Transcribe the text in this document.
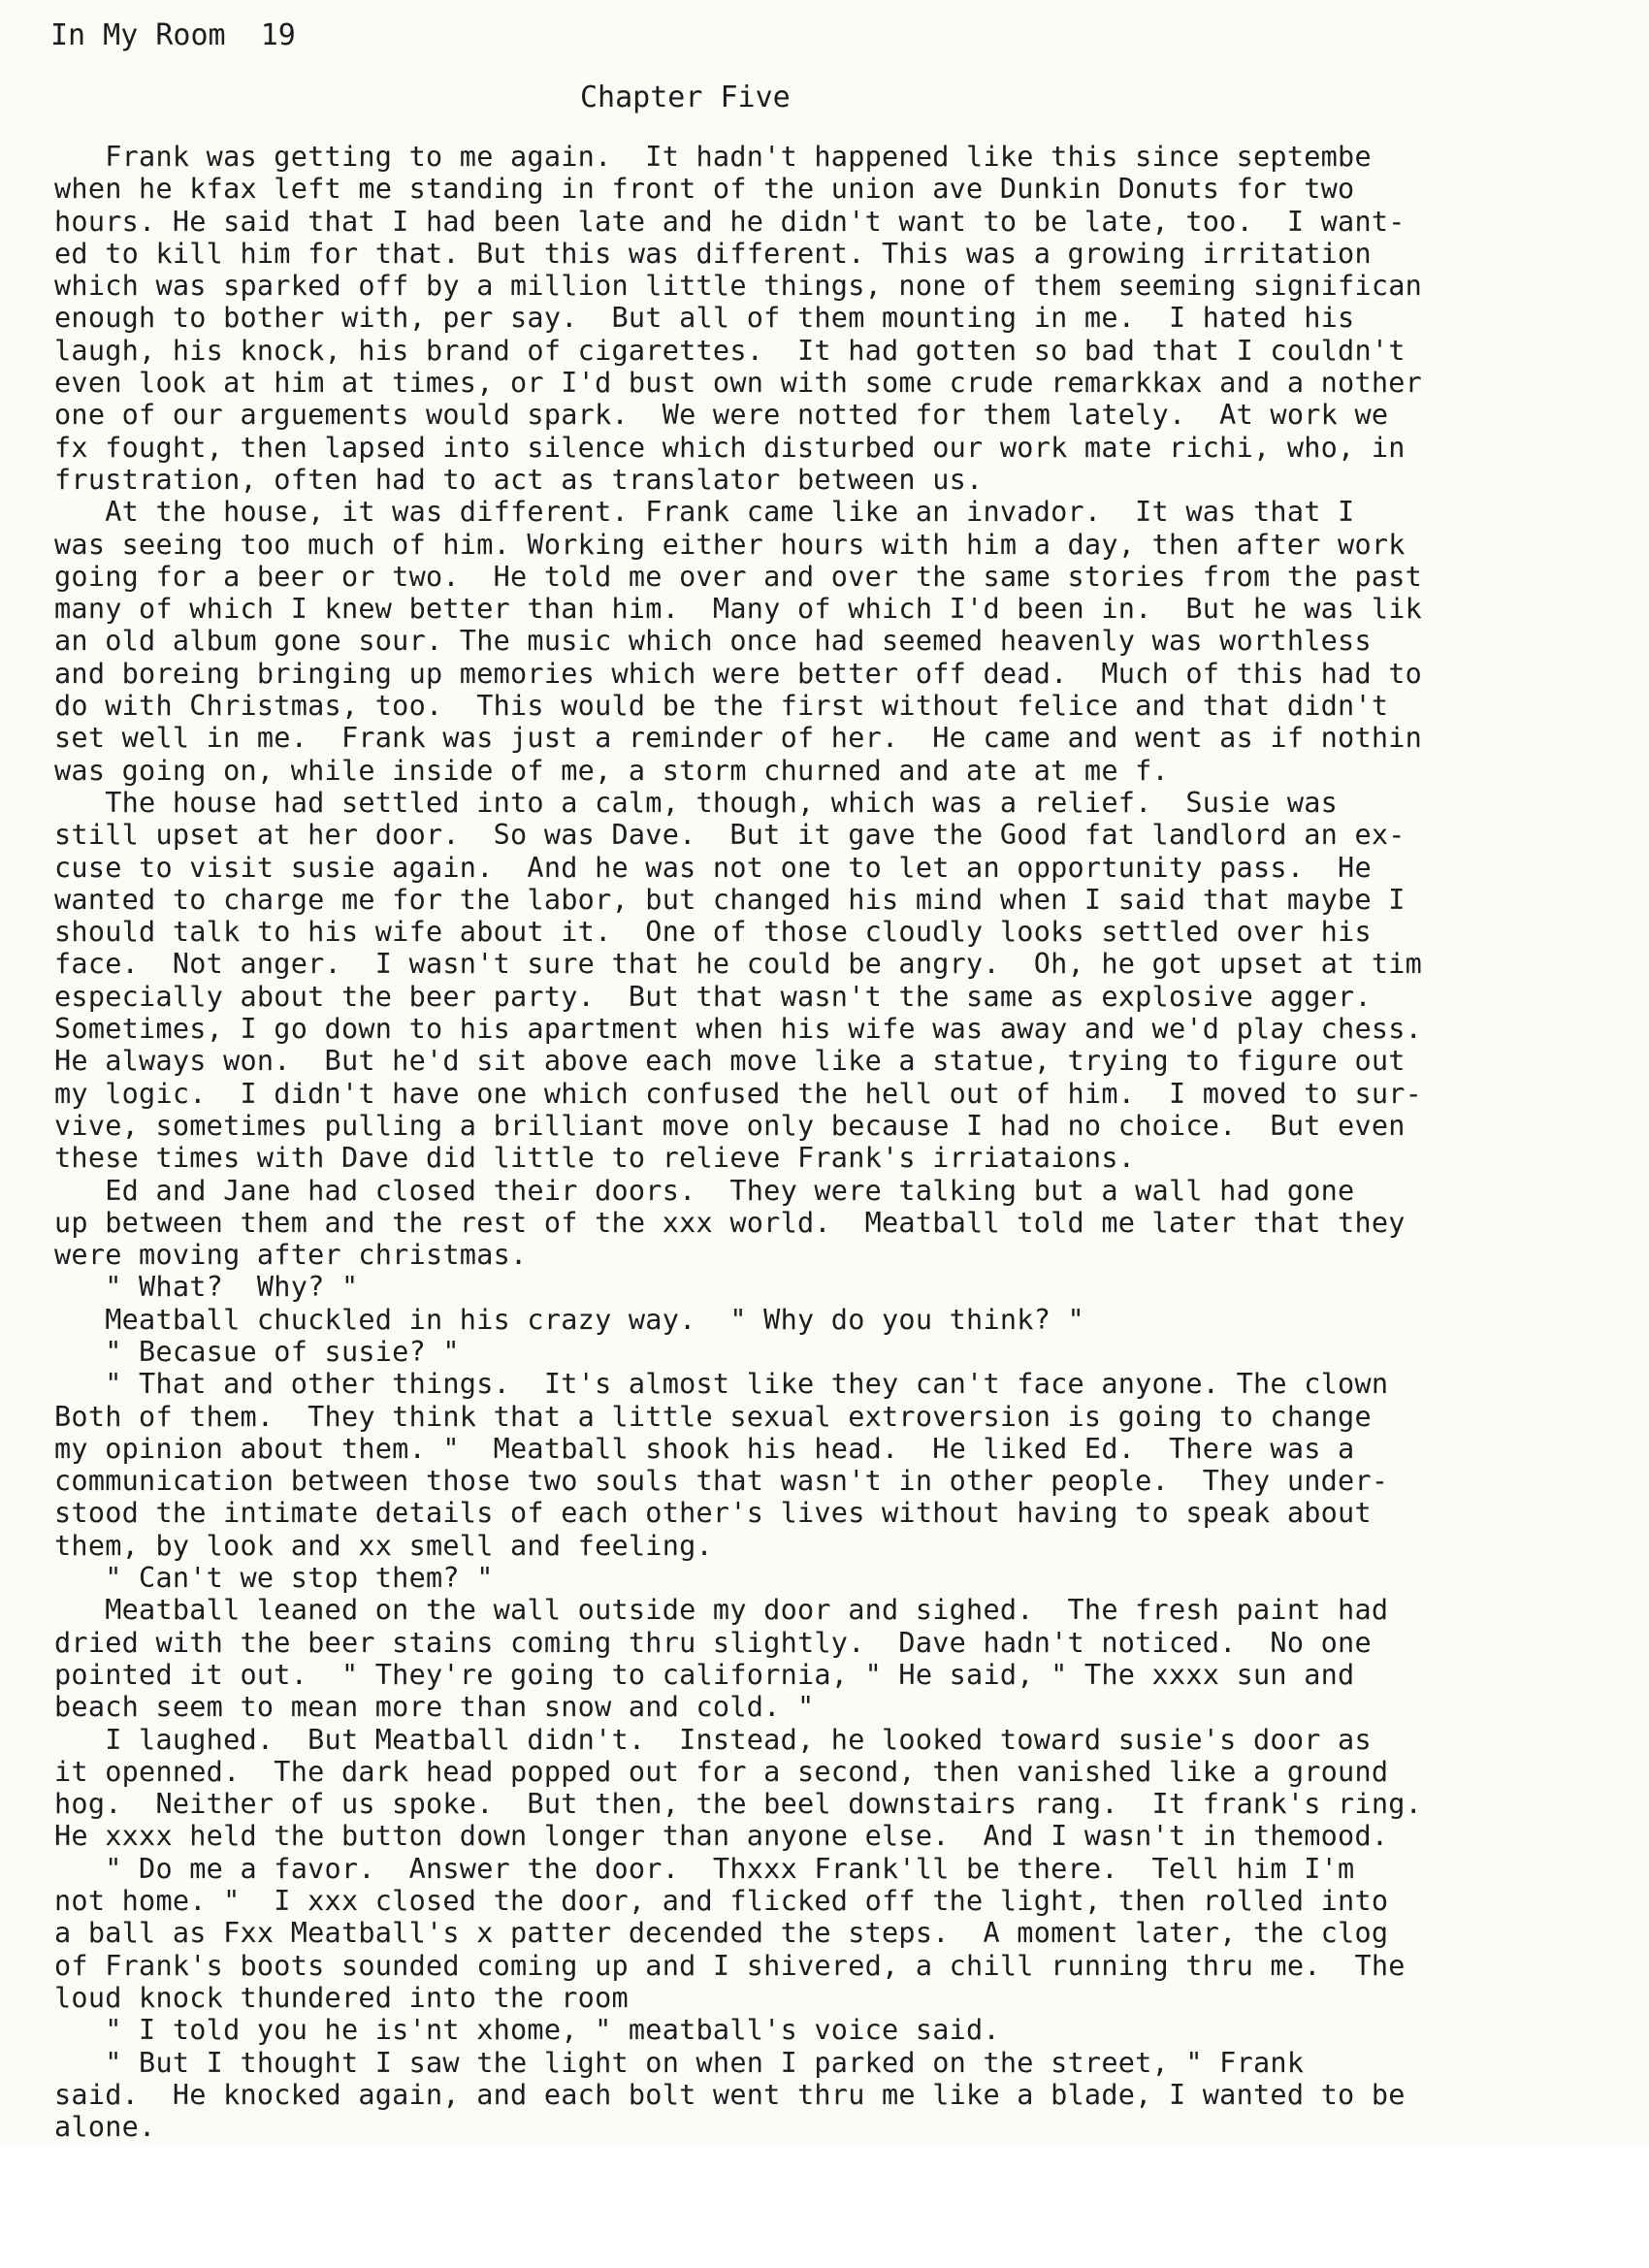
In My Room  19
Chapter Five
Frank was getting to me again.  It hadn't happened like this since septembe
when he kfax left me standing in front of the union ave Dunkin Donuts for two
hours. He said that I had been late and he didn't want to be late, too.  I want-
ed to kill him for that. But this was different. This was a growing irritation
which was sparked off by a million little things, none of them seeming significan
enough to bother with, per say.  But all of them mounting in me.  I hated his
laugh, his knock, his brand of cigarettes.  It had gotten so bad that I couldn't
even look at him at times, or I'd bust own with some crude remarkkax and a nother
one of our arguements would spark.  We were notted for them lately.  At work we
fx fought, then lapsed into silence which disturbed our work mate richi, who, in
frustration, often had to act as translator between us.
At the house, it was different. Frank came like an invador.  It was that I
was seeing too much of him. Working either hours with him a day, then after work
going for a beer or two.  He told me over and over the same stories from the past
many of which I knew better than him.  Many of which I'd been in.  But he was lik
an old album gone sour. The music which once had seemed heavenly was worthless
and boreing bringing up memories which were better off dead.  Much of this had to
do with Christmas, too.  This would be the first without felice and that didn't
set well in me.  Frank was just a reminder of her.  He came and went as if nothin
was going on, while inside of me, a storm churned and ate at me f.
The house had settled into a calm, though, which was a relief.  Susie was
still upset at her door.  So was Dave.  But it gave the Good fat landlord an ex-
cuse to visit susie again.  And he was not one to let an opportunity pass.  He
wanted to charge me for the labor, but changed his mind when I said that maybe I
should talk to his wife about it.  One of those cloudly looks settled over his
face.  Not anger.  I wasn't sure that he could be angry.  Oh, he got upset at tim
especially about the beer party.  But that wasn't the same as explosive agger.
Sometimes, I go down to his apartment when his wife was away and we'd play chess.
He always won.  But he'd sit above each move like a statue, trying to figure out
my logic.  I didn't have one which confused the hell out of him.  I moved to sur-
vive, sometimes pulling a brilliant move only because I had no choice.  But even
these times with Dave did little to relieve Frank's irriataions.
Ed and Jane had closed their doors.  They were talking but a wall had gone
up between them and the rest of the xxx world.  Meatball told me later that they
were moving after christmas.
" What?  Why? "
Meatball chuckled in his crazy way.  " Why do you think? "
" Becasue of susie? "
" That and other things.  It's almost like they can't face anyone. The clown
Both of them.  They think that a little sexual extroversion is going to change
my opinion about them. "  Meatball shook his head.  He liked Ed.  There was a
communication between those two souls that wasn't in other people.  They under-
stood the intimate details of each other's lives without having to speak about
them, by look and xx smell and feeling.
" Can't we stop them? "
Meatball leaned on the wall outside my door and sighed.  The fresh paint had
dried with the beer stains coming thru slightly.  Dave hadn't noticed.  No one
pointed it out.  " They're going to california, " He said, " The xxxx sun and
beach seem to mean more than snow and cold. "
I laughed.  But Meatball didn't.  Instead, he looked toward susie's door as
it openned.  The dark head popped out for a second, then vanished like a ground
hog.  Neither of us spoke.  But then, the beel downstairs rang.  It frank's ring.
He xxxx held the button down longer than anyone else.  And I wasn't in themood.
" Do me a favor.  Answer the door.  Thxxx Frank'll be there.  Tell him I'm
not home. "  I xxx closed the door, and flicked off the light, then rolled into
a ball as Fxx Meatball's x patter decended the steps.  A moment later, the clog
of Frank's boots sounded coming up and I shivered, a chill running thru me.  The
loud knock thundered into the room
" I told you he is'nt xhome, " meatball's voice said.
" But I thought I saw the light on when I parked on the street, " Frank
said.  He knocked again, and each bolt went thru me like a blade, I wanted to be
alone.
